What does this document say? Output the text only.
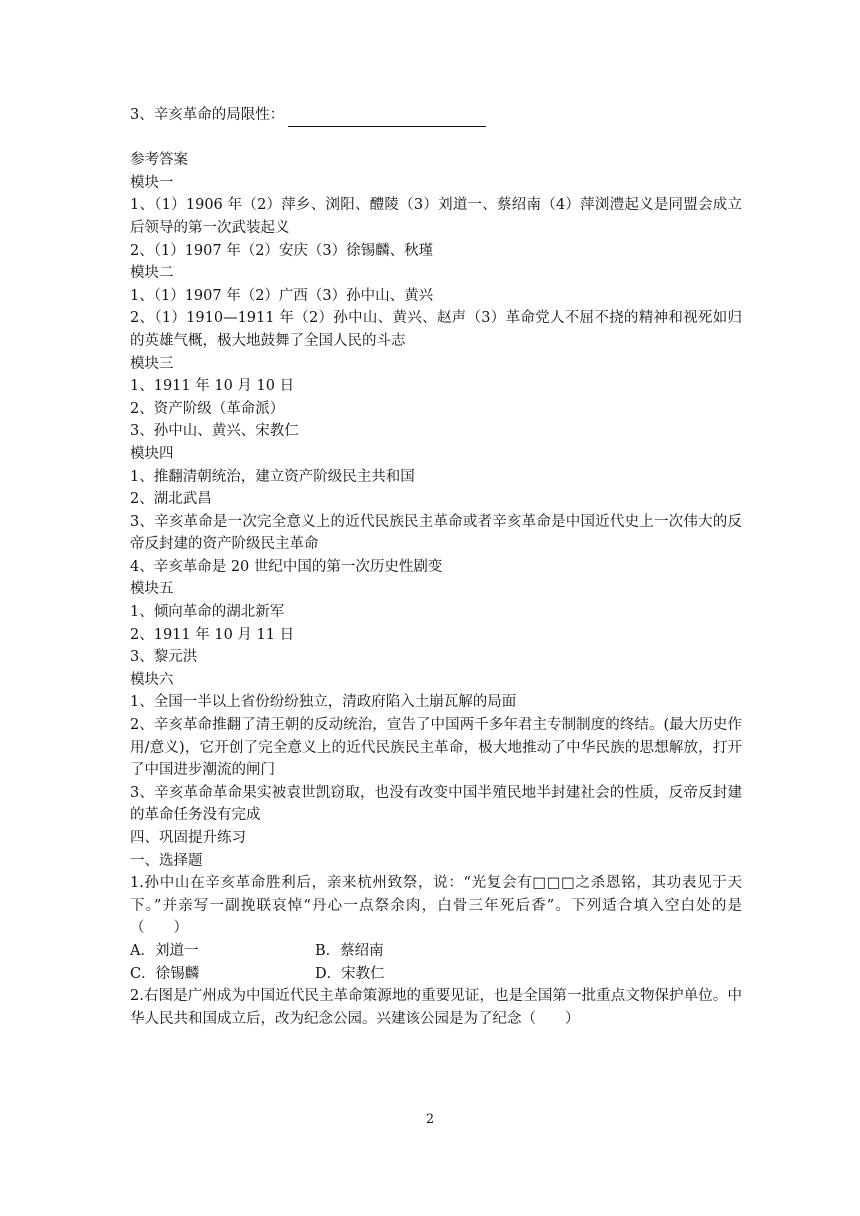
3、辛亥革命的局限性：
参考答案
模块一
1、（1）1906 年（2）萍乡、浏阳、醴陵（3）刘道一、蔡绍南（4）萍浏澧起义是同盟会成立后领导的第一次武装起义
2、（1）1907 年（2）安庆（3）徐锡麟、秋瑾
模块二
1、（1）1907 年（2）广西（3）孙中山、黄兴
2、（1）1910—1911 年（2）孙中山、黄兴、赵声（3）革命党人不屈不挠的精神和视死如归的英雄气概，极大地鼓舞了全国人民的斗志
模块三
1、1911 年 10 月 10 日
2、资产阶级（革命派）
3、孙中山、黄兴、宋教仁
模块四
1、推翻清朝统治，建立资产阶级民主共和国
2、湖北武昌
3、辛亥革命是一次完全意义上的近代民族民主革命或者辛亥革命是中国近代史上一次伟大的反帝反封建的资产阶级民主革命
4、辛亥革命是 20 世纪中国的第一次历史性剧变
模块五
1、倾向革命的湖北新军
2、1911 年 10 月 11 日
3、黎元洪
模块六
1、全国一半以上省份纷纷独立，清政府陷入土崩瓦解的局面
2、辛亥革命推翻了清王朝的反动统治，宣告了中国两千多年君主专制制度的终结。(最大历史作用/意义)，它开创了完全意义上的近代民族民主革命，极大地推动了中华民族的思想解放，打开了中国进步潮流的闸门
3、辛亥革命革命果实被袁世凯窃取，也没有改变中国半殖民地半封建社会的性质，反帝反封建的革命任务没有完成
四、巩固提升练习
一、选择题
1.孙中山在辛亥革命胜利后，亲来杭州致祭，说：“光复会有□□□之杀恩铭，其功表见于天下。”并亲写一副挽联哀悼“丹心一点祭余肉，白骨三年死后香”。下列适合填入空白处的是（　　）
A．刘道一	B．蔡绍南
C．徐锡麟	D．宋教仁
2.右图是广州成为中国近代民主革命策源地的重要见证，也是全国第一批重点文物保护单位。中华人民共和国成立后，改为纪念公园。兴建该公园是为了纪念（　　）
2
